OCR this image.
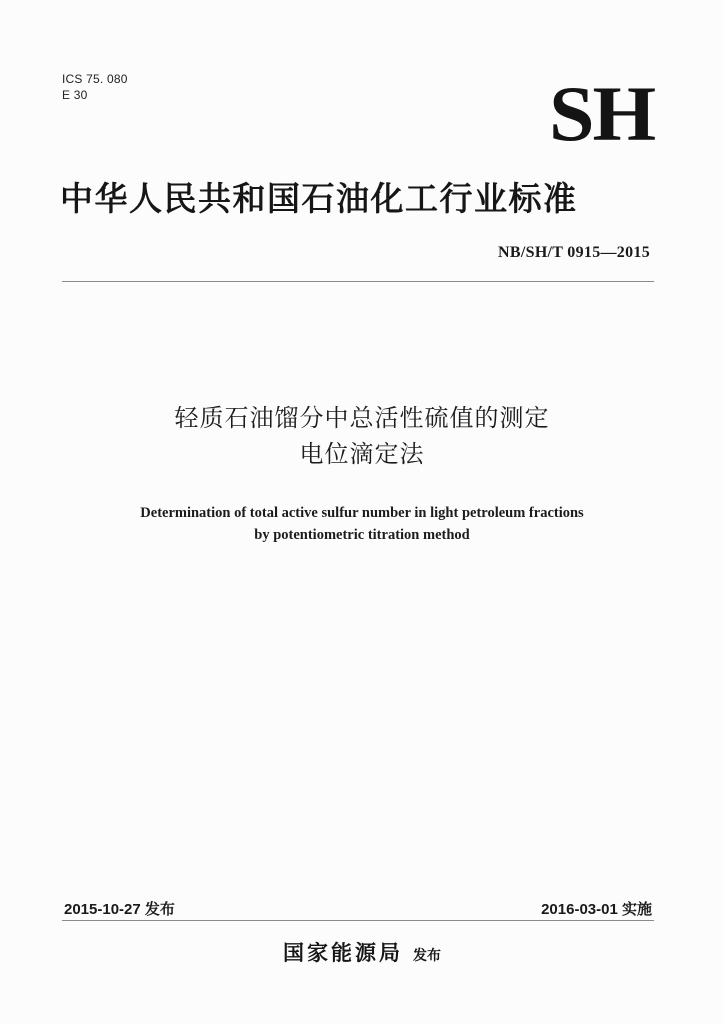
ICS 75. 080
E 30	SH
中华人民共和国石油化工行业标准
NB/SH/T 0915—2015
轻质石油馏分中总活性硫值的测定
电位滴定法
Determination of total active sulfur number in light petroleum fractions
by potentiometric titration method
2015-10-27 发布	2016-03-01 实施
国家能源局 发布
